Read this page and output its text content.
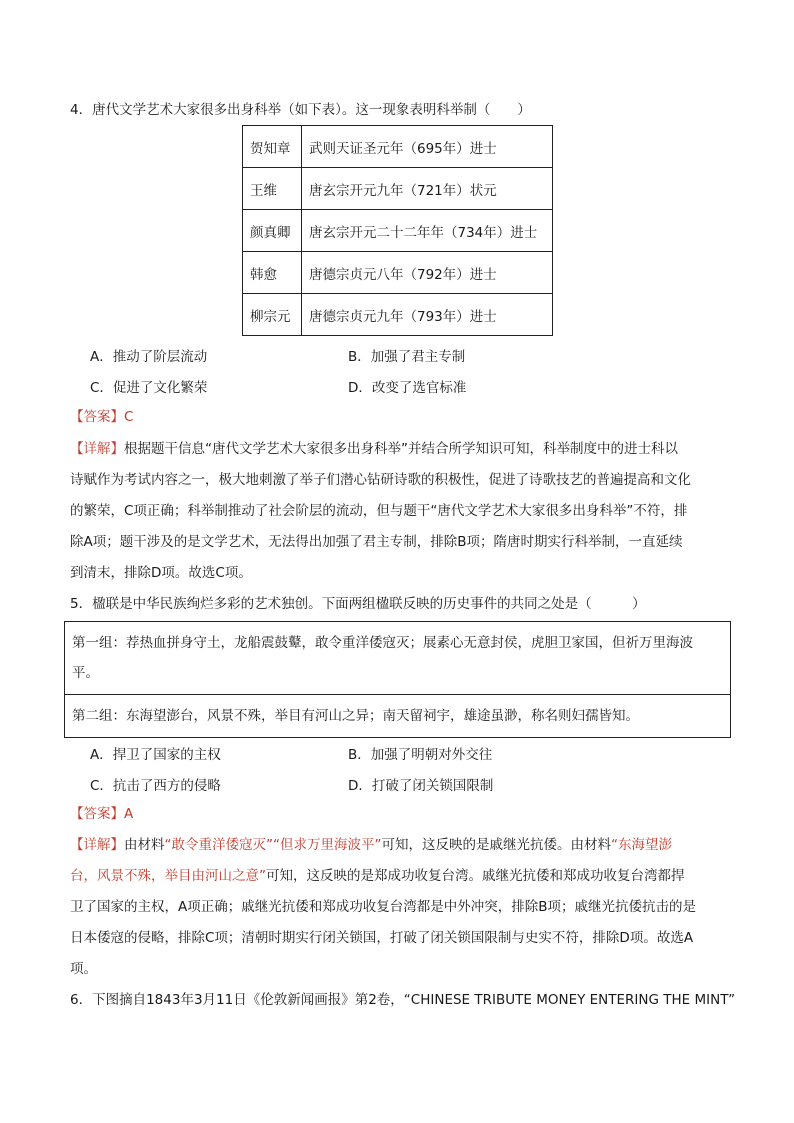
4．唐代文学艺术大家很多出身科举（如下表）。这一现象表明科举制（　　）
贺知章	武则天证圣元年（695年）进士
王维	唐玄宗开元九年（721年）状元
颜真卿	唐玄宗开元二十二年年（734年）进士
韩愈	唐德宗贞元八年（792年）进士
柳宗元	唐德宗贞元九年（793年）进士
A．推动了阶层流动	B．加强了君主专制
C．促进了文化繁荣	D．改变了选官标准
【答案】C
【详解】根据题干信息“唐代文学艺术大家很多出身科举”并结合所学知识可知，科举制度中的进士科以
诗赋作为考试内容之一，极大地刺激了举子们潜心钻研诗歌的积极性，促进了诗歌技艺的普遍提高和文化
的繁荣，C项正确；科举制推动了社会阶层的流动，但与题干“唐代文学艺术大家很多出身科举”不符，排
除A项；题干涉及的是文学艺术，无法得出加强了君主专制，排除B项；隋唐时期实行科举制，一直延续
到清末，排除D项。故选C项。
5．楹联是中华民族绚烂多彩的艺术独创。下面两组楹联反映的历史事件的共同之处是（　　　）
第一组：荐热血拼身守土，龙船震鼓鼙，敢令重洋倭寇灭；展素心无意封侯，虎胆卫家国，但祈万里海波
平。
第二组：东海望澎台，风景不殊，举目有河山之异；南天留祠宇，雄途虽渺，称名则妇孺皆知。
A．捍卫了国家的主权	B．加强了明朝对外交往
C．抗击了西方的侵略	D．打破了闭关锁国限制
【答案】A
【详解】由材料“敢令重洋倭寇灭”“但求万里海波平”可知，这反映的是戚继光抗倭。由材料“东海望澎
台，风景不殊，举目由河山之意”可知，这反映的是郑成功收复台湾。戚继光抗倭和郑成功收复台湾都捍
卫了国家的主权，A项正确；戚继光抗倭和郑成功收复台湾都是中外冲突，排除B项；戚继光抗倭抗击的是
日本倭寇的侵略，排除C项；清朝时期实行闭关锁国，打破了闭关锁国限制与史实不符，排除D项。故选A
项。
6．下图摘自1843年3月11日《伦敦新闻画报》第2卷，“CHINESE TRIBUTE MONEY ENTERING THE MINT”
